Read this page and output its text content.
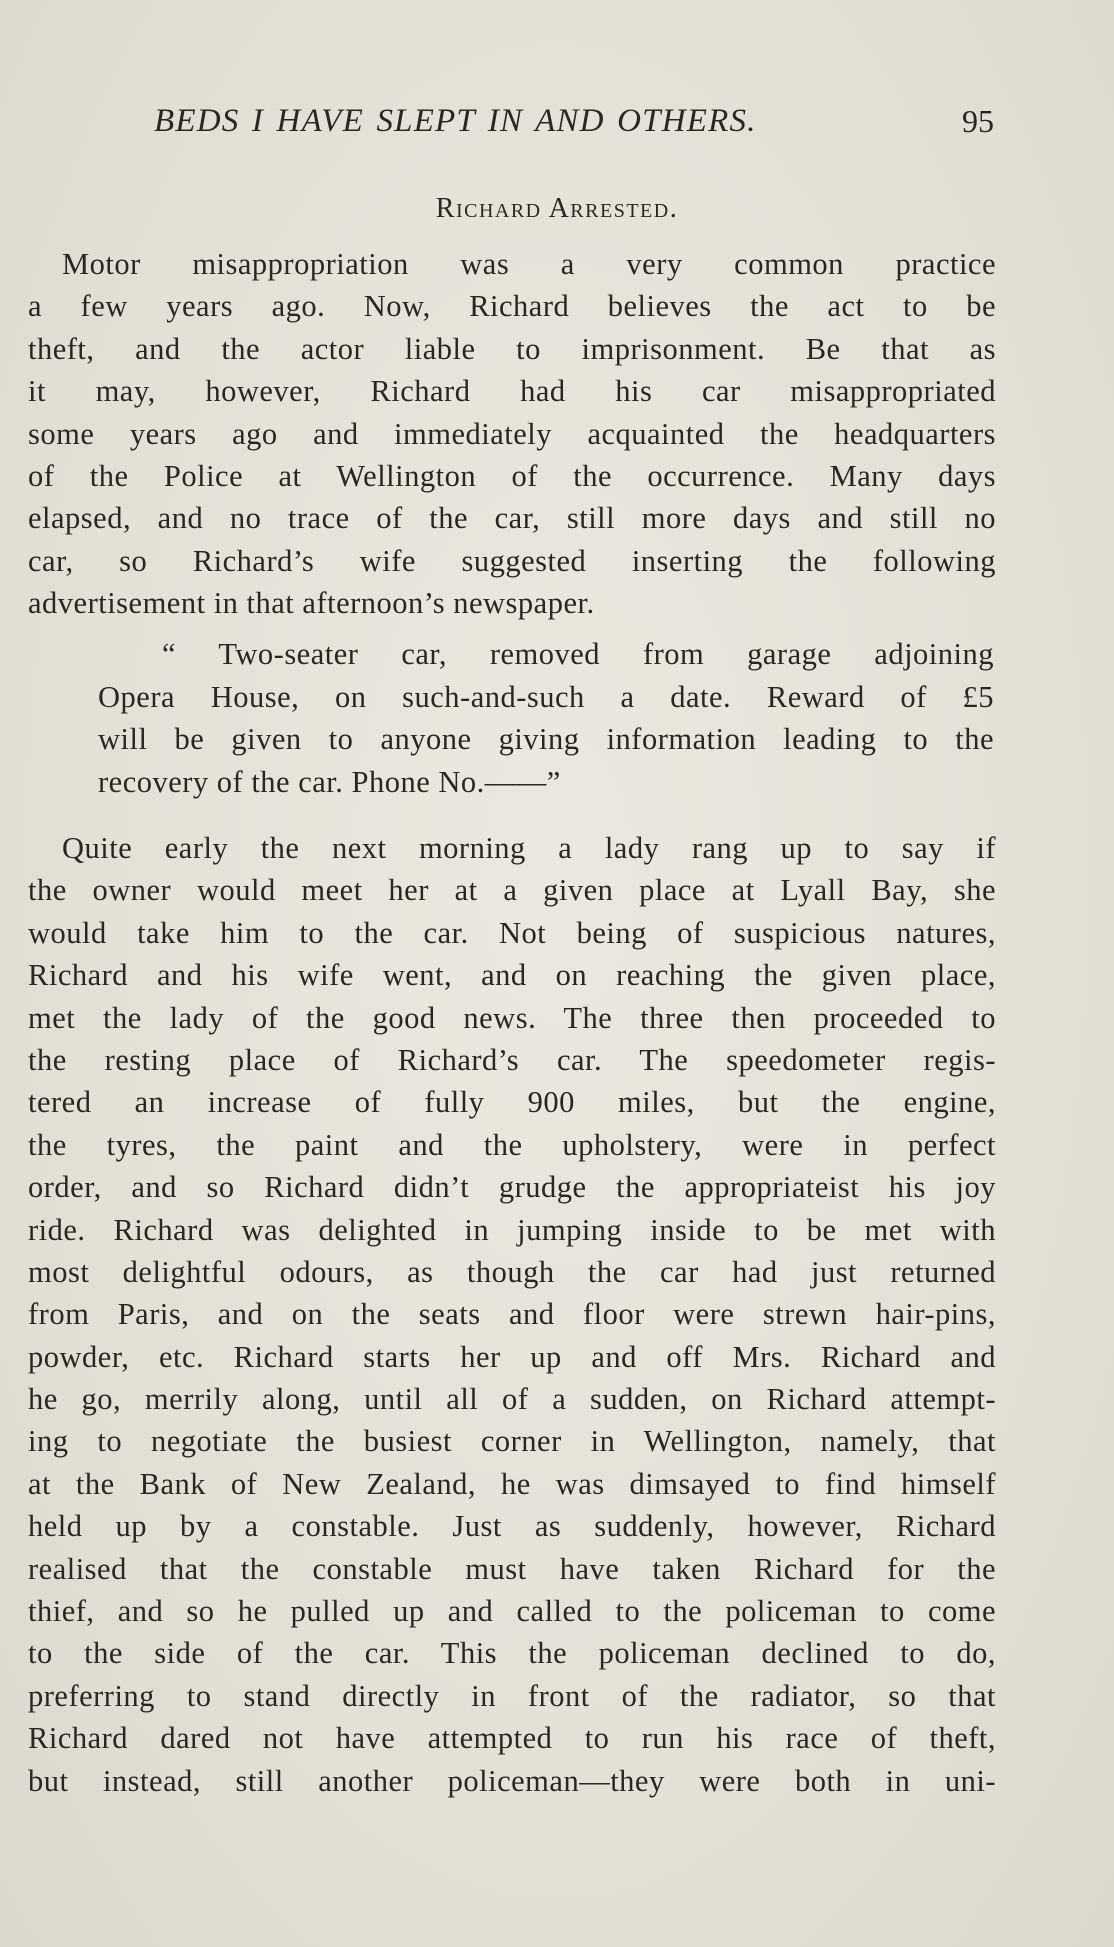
BEDS I HAVE SLEPT IN AND OTHERS.	95
Richard Arrested.
Motor misappropriation was a very common practice
a few years ago. Now, Richard believes the act to be
theft, and the actor liable to imprisonment. Be that as
it may, however, Richard had his car misappropriated
some years ago and immediately acquainted the headquarters
of the Police at Wellington of the occurrence. Many days
elapsed, and no trace of the car, still more days and still no
car, so Richard’s wife suggested inserting the following
advertisement in that afternoon’s newspaper.
“ Two-seater car, removed from garage adjoining
Opera House, on such-and-such a date. Reward of £5
will be given to anyone giving information leading to the
recovery of the car. Phone No.——”
Quite early the next morning a lady rang up to say if
the owner would meet her at a given place at Lyall Bay, she
would take him to the car. Not being of suspicious natures,
Richard and his wife went, and on reaching the given place,
met the lady of the good news. The three then proceeded to
the resting place of Richard’s car. The speedometer regis-
tered an increase of fully 900 miles, but the engine,
the tyres, the paint and the upholstery, were in perfect
order, and so Richard didn’t grudge the appropriateist his joy
ride. Richard was delighted in jumping inside to be met with
most delightful odours, as though the car had just returned
from Paris, and on the seats and floor were strewn hair-pins,
powder, etc. Richard starts her up and off Mrs. Richard and
he go, merrily along, until all of a sudden, on Richard attempt-
ing to negotiate the busiest corner in Wellington, namely, that
at the Bank of New Zealand, he was dimsayed to find himself
held up by a constable. Just as suddenly, however, Richard
realised that the constable must have taken Richard for the
thief, and so he pulled up and called to the policeman to come
to the side of the car. This the policeman declined to do,
preferring to stand directly in front of the radiator, so that
Richard dared not have attempted to run his race of theft,
but instead, still another policeman—they were both in uni-
